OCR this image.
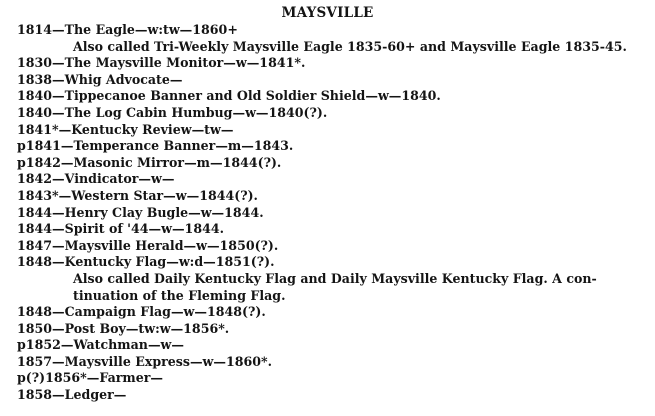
MAYSVILLE
1814—The Eagle—w:tw—1860+
Also called Tri-Weekly Maysville Eagle 1835-60+ and Maysville Eagle 1835-45.
1830—The Maysville Monitor—w—1841*.
1838—Whig Advocate—
1840—Tippecanoe Banner and Old Soldier Shield—w—1840.
1840—The Log Cabin Humbug—w—1840(?).
1841*—Kentucky Review—tw—
p1841—Temperance Banner—m—1843.
p1842—Masonic Mirror—m—1844(?).
1842—Vindicator—w—
1843*—Western Star—w—1844(?).
1844—Henry Clay Bugle—w—1844.
1844—Spirit of '44—w—1844.
1847—Maysville Herald—w—1850(?).
1848—Kentucky Flag—w:d—1851(?).
Also called Daily Kentucky Flag and Daily Maysville Kentucky Flag. A con-
tinuation of the Fleming Flag.
1848—Campaign Flag—w—1848(?).
1850—Post Boy—tw:w—1856*.
p1852—Watchman—w—
1857—Maysville Express—w—1860*.
p(?)1856*—Farmer—
1858—Ledger—
